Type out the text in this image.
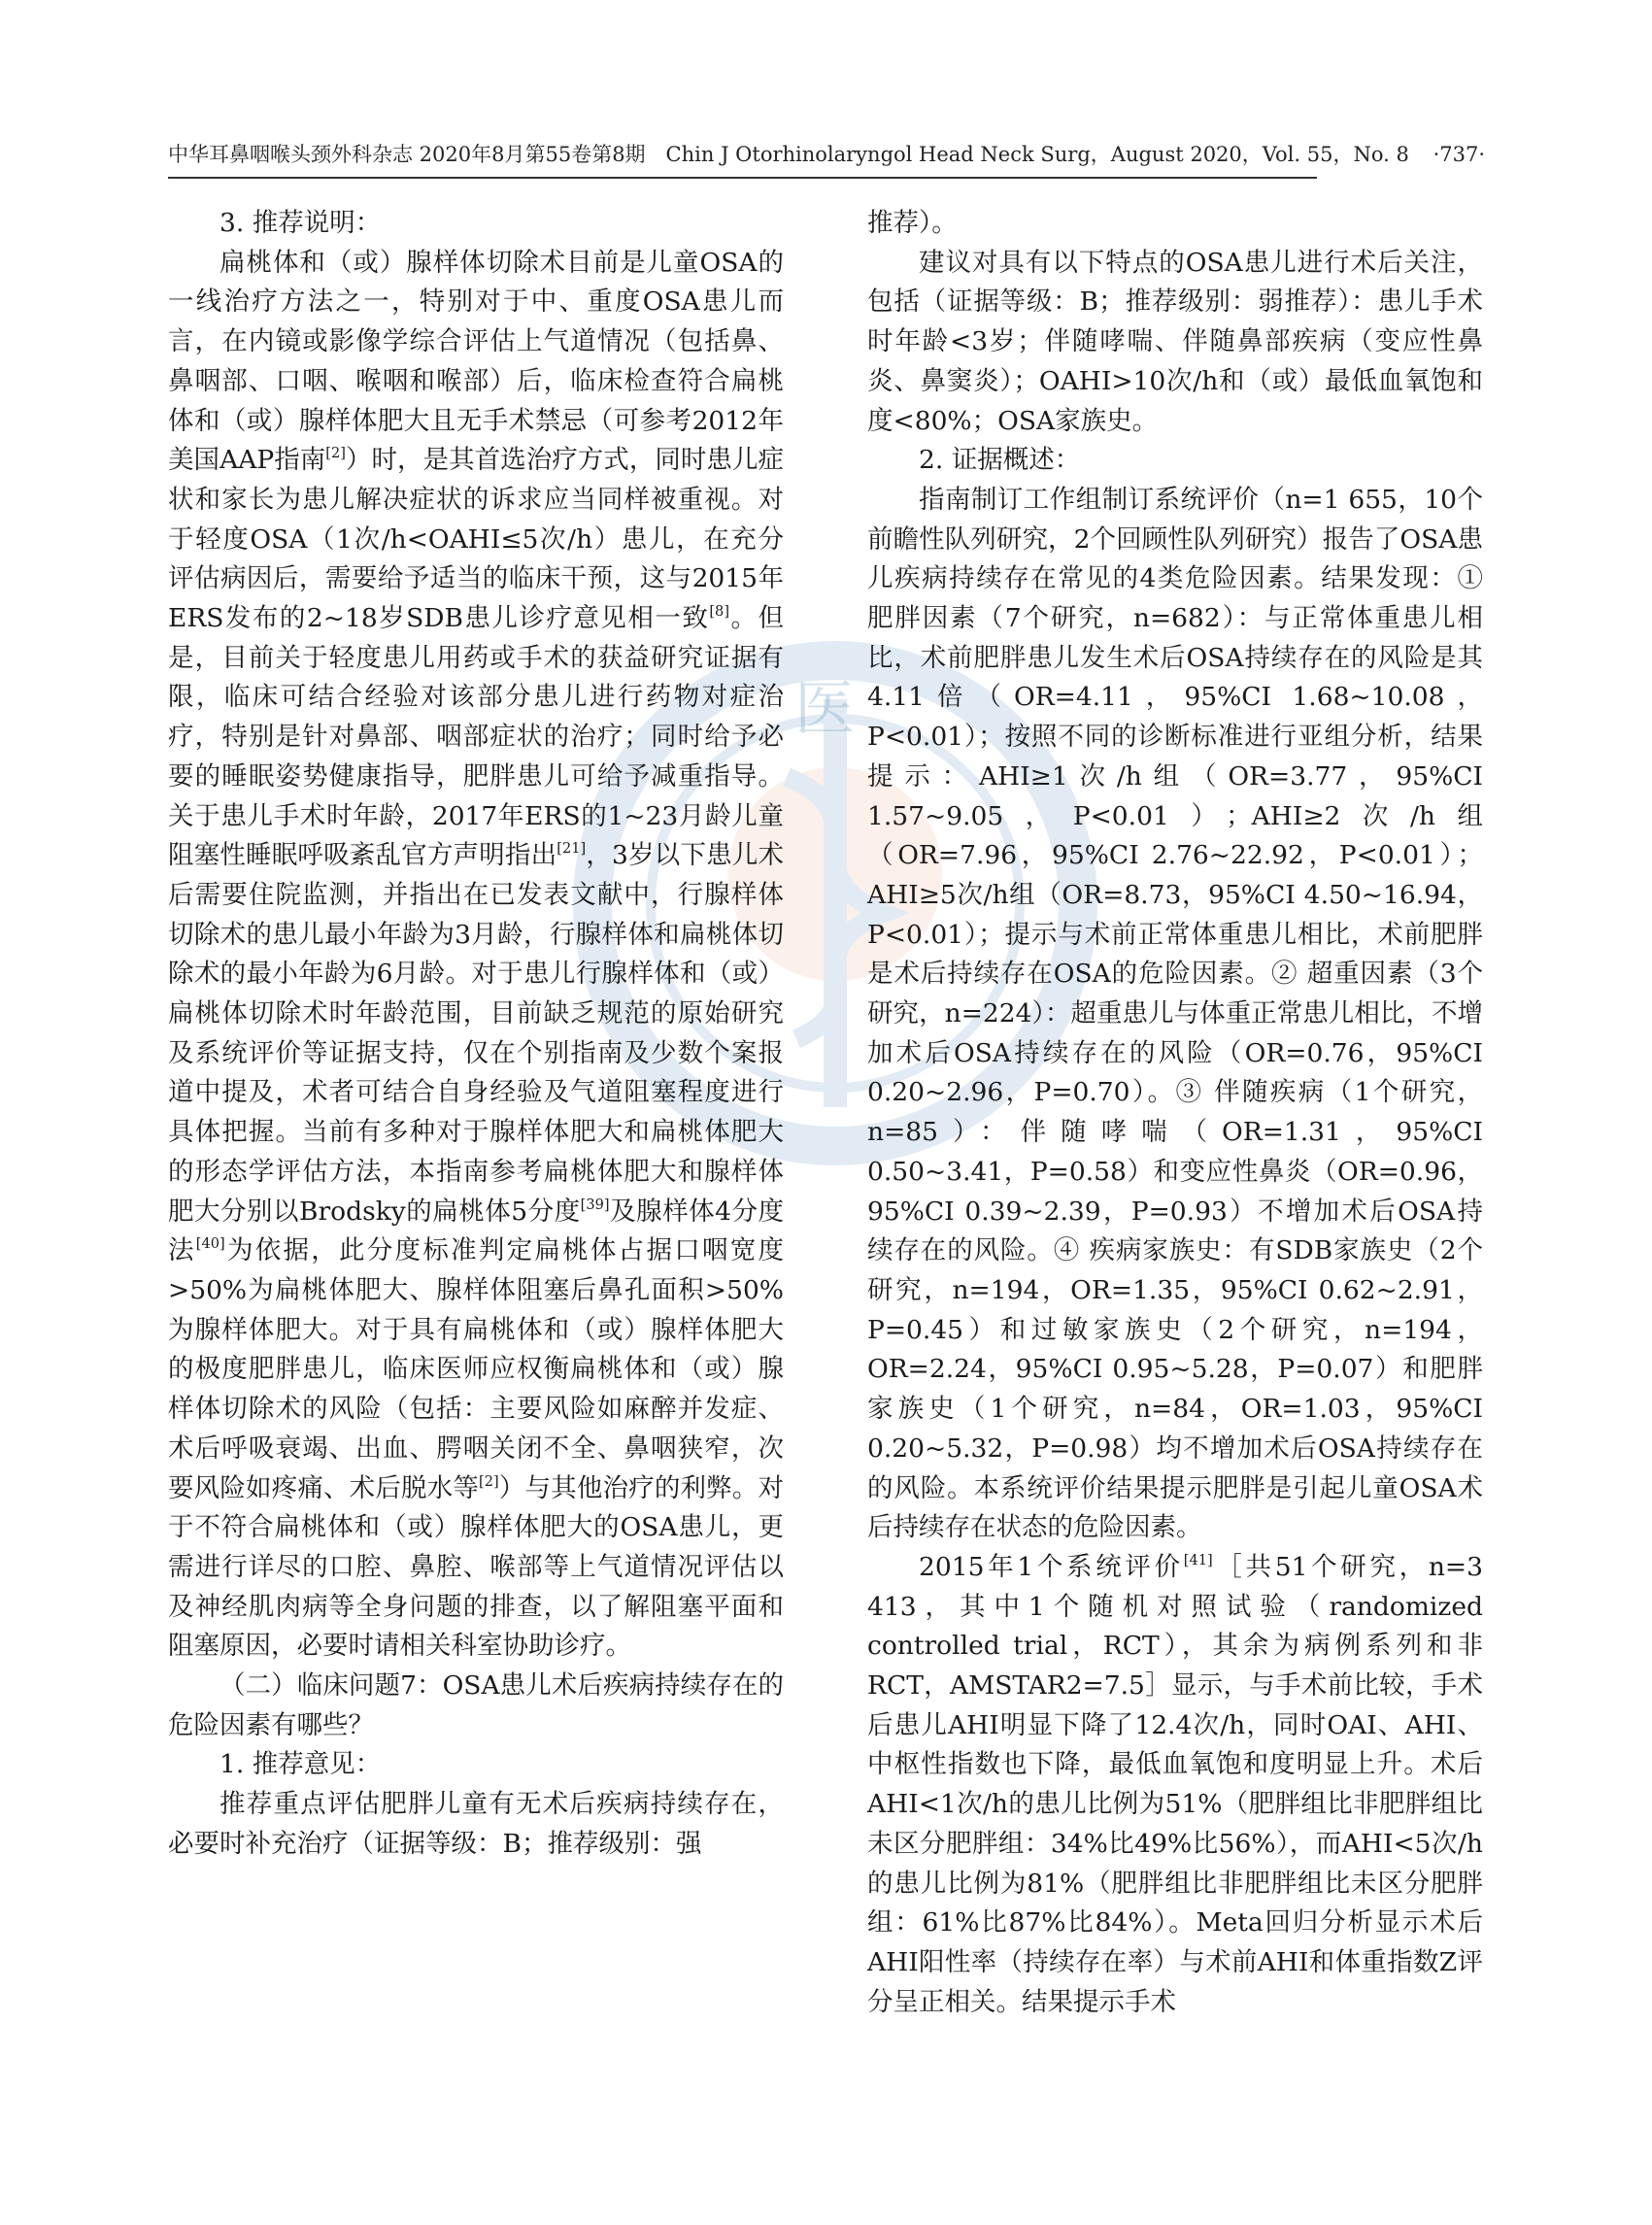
医
中华耳鼻咽喉头颈外科杂志 2020年8月第55卷第8期　Chin J Otorhinolaryngol Head Neck Surg，August 2020，Vol. 55，No. 8 ·737·

3. 推荐说明：

扁桃体和（或）腺样体切除术目前是儿童OSA的一线治疗方法之一，特别对于中、重度OSA患儿而言，在内镜或影像学综合评估上气道情况（包括鼻、鼻咽部、口咽、喉咽和喉部）后，临床检查符合扁桃体和（或）腺样体肥大且无手术禁忌（可参考2012年美国AAP指南[2]）时，是其首选治疗方式，同时患儿症状和家长为患儿解决症状的诉求应当同样被重视。对于轻度OSA（1次/h<OAHI≤5次/h）患儿，在充分评估病因后，需要给予适当的临床干预，这与2015年ERS发布的2~18岁SDB患儿诊疗意见相一致[8]。但是，目前关于轻度患儿用药或手术的获益研究证据有限，临床可结合经验对该部分患儿进行药物对症治疗，特别是针对鼻部、咽部症状的治疗；同时给予必要的睡眠姿势健康指导，肥胖患儿可给予减重指导。关于患儿手术时年龄，2017年ERS的1~23月龄儿童阻塞性睡眠呼吸紊乱官方声明指出[21]，3岁以下患儿术后需要住院监测，并指出在已发表文献中，行腺样体切除术的患儿最小年龄为3月龄，行腺样体和扁桃体切除术的最小年龄为6月龄。对于患儿行腺样体和（或）扁桃体切除术时年龄范围，目前缺乏规范的原始研究及系统评价等证据支持，仅在个别指南及少数个案报道中提及，术者可结合自身经验及气道阻塞程度进行具体把握。当前有多种对于腺样体肥大和扁桃体肥大的形态学评估方法，本指南参考扁桃体肥大和腺样体肥大分别以Brodsky的扁桃体5分度[39]及腺样体4分度法[40]为依据，此分度标准判定扁桃体占据口咽宽度>50%为扁桃体肥大、腺样体阻塞后鼻孔面积>50%为腺样体肥大。对于具有扁桃体和（或）腺样体肥大的极度肥胖患儿，临床医师应权衡扁桃体和（或）腺样体切除术的风险（包括：主要风险如麻醉并发症、术后呼吸衰竭、出血、腭咽关闭不全、鼻咽狭窄，次要风险如疼痛、术后脱水等[2]）与其他治疗的利弊。对于不符合扁桃体和（或）腺样体肥大的OSA患儿，更需进行详尽的口腔、鼻腔、喉部等上气道情况评估以及神经肌肉病等全身问题的排查，以了解阻塞平面和阻塞原因，必要时请相关科室协助诊疗。

（二）临床问题7：OSA患儿术后疾病持续存在的危险因素有哪些？

1. 推荐意见：

推荐重点评估肥胖儿童有无术后疾病持续存在，必要时补充治疗（证据等级：B；推荐级别：强

推荐）。

建议对具有以下特点的OSA患儿进行术后关注，包括（证据等级：B；推荐级别：弱推荐）：患儿手术时年龄<3岁；伴随哮喘、伴随鼻部疾病（变应性鼻炎、鼻窦炎）；OAHI>10次/h和（或）最低血氧饱和度<80%；OSA家族史。

2. 证据概述：

指南制订工作组制订系统评价（n=1 655，10个前瞻性队列研究，2个回顾性队列研究）报告了OSA患儿疾病持续存在常见的4类危险因素。结果发现：① 肥胖因素（7个研究，n=682）：与正常体重患儿相比，术前肥胖患儿发生术后OSA持续存在的风险是其4.11倍（OR=4.11，95%CI 1.68~10.08，P<0.01）；按照不同的诊断标准进行亚组分析，结果提示：AHI≥1次/h组（OR=3.77，95%CI 1.57~9.05，P<0.01）；AHI≥2次/h组（OR=7.96，95%CI 2.76~22.92，P<0.01）；AHI≥5次/h组（OR=8.73，95%CI 4.50~16.94，P<0.01）；提示与术前正常体重患儿相比，术前肥胖是术后持续存在OSA的危险因素。② 超重因素（3个研究，n=224）：超重患儿与体重正常患儿相比，不增加术后OSA持续存在的风险（OR=0.76，95%CI 0.20~2.96，P=0.70）。③ 伴随疾病（1个研究，n=85）：伴随哮喘（OR=1.31，95%CI 0.50~3.41，P=0.58）和变应性鼻炎（OR=0.96，95%CI 0.39~2.39，P=0.93）不增加术后OSA持续存在的风险。④ 疾病家族史：有SDB家族史（2个研究，n=194，OR=1.35，95%CI 0.62~2.91，P=0.45）和过敏家族史（2个研究，n=194，OR=2.24，95%CI 0.95~5.28，P=0.07）和肥胖家族史（1个研究，n=84，OR=1.03，95%CI 0.20~5.32，P=0.98）均不增加术后OSA持续存在的风险。本系统评价结果提示肥胖是引起儿童OSA术后持续存在状态的危险因素。

2015年1个系统评价[41]［共51个研究，n=3 413，其中1个随机对照试验（randomized controlled trial，RCT），其余为病例系列和非RCT，AMSTAR2=7.5］显示，与手术前比较，手术后患儿AHI明显下降了12.4次/h，同时OAI、AHI、中枢性指数也下降，最低血氧饱和度明显上升。术后AHI<1次/h的患儿比例为51%（肥胖组比非肥胖组比未区分肥胖组：34%比49%比56%），而AHI<5次/h的患儿比例为81%（肥胖组比非肥胖组比未区分肥胖组：61%比87%比84%）。Meta回归分析显示术后AHI阳性率（持续存在率）与术前AHI和体重指数Z评分呈正相关。结果提示手术
